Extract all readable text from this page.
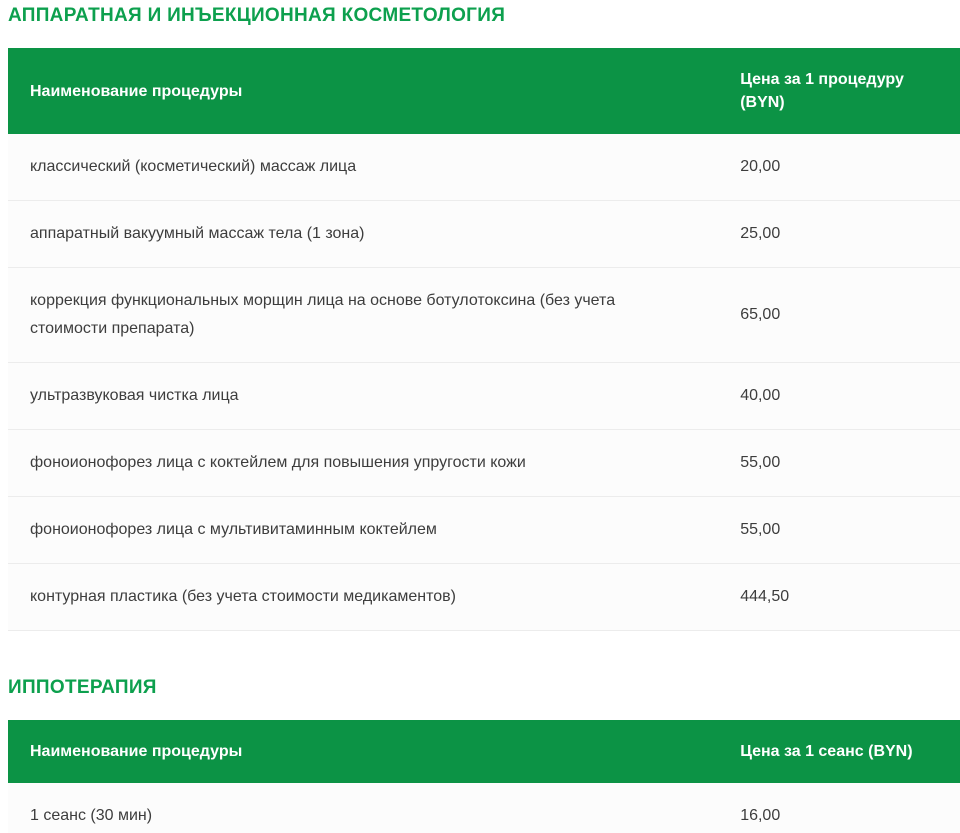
АППАРАТНАЯ И ИНЪЕКЦИОННАЯ КОСМЕТОЛОГИЯ
Наименование процедуры	Цена за 1 процедуру (BYN)
классический (косметический) массаж лица	20,00
аппаратный вакуумный массаж тела (1 зона)	25,00
коррекция функциональных морщин лица на основе ботулотоксина (без учета стоимости препарата)	65,00
ультразвуковая чистка лица	40,00
фоноионофорез лица с коктейлем для повышения упругости кожи	55,00
фоноионофорез лица с мультивитаминным коктейлем	55,00
контурная пластика (без учета стоимости медикаментов)	444,50
ИППОТЕРАПИЯ
Наименование процедуры	Цена за 1 сеанс (BYN)
1 сеанс (30 мин)	16,00
